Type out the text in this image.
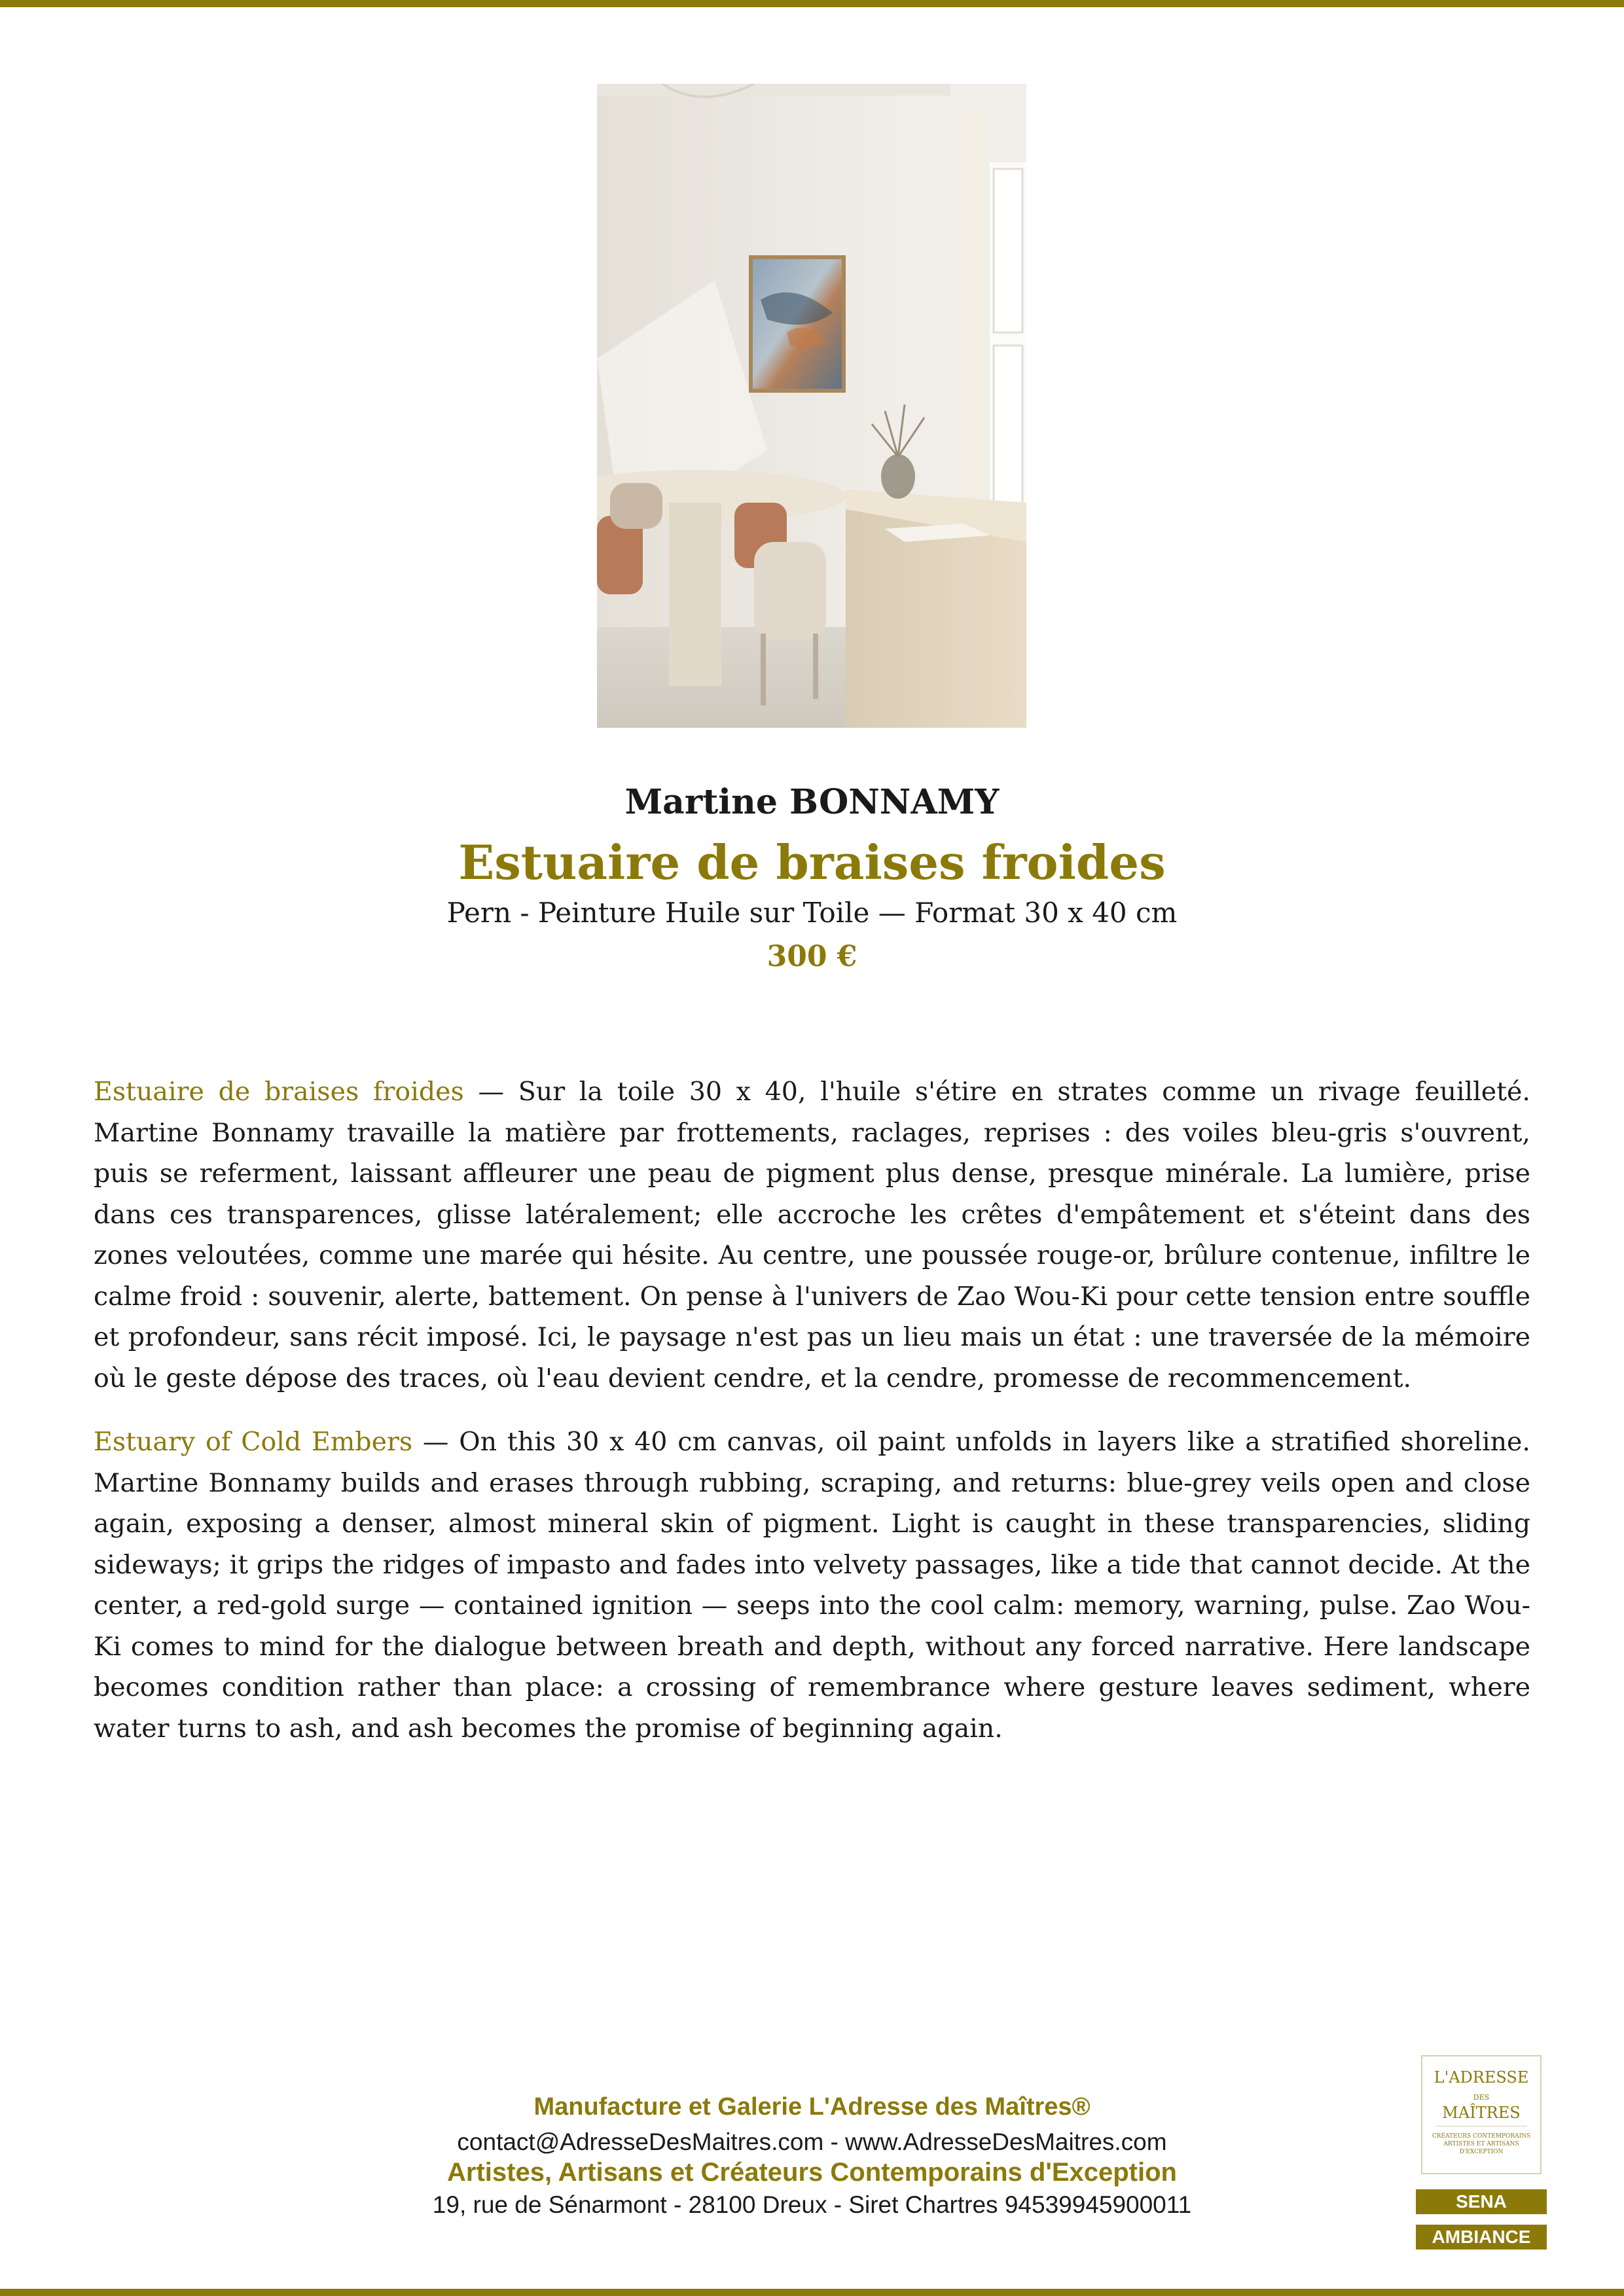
Martine BONNAMY
Estuaire de braises froides
Pern - Peinture Huile sur Toile — Format 30 x 40 cm
300 €

Estuaire de braises froides — Sur la toile 30 x 40, l'huile s'étire en strates comme un rivage feuilleté. Martine Bonnamy travaille la matière par frottements, raclages, reprises : des voiles bleu-gris s'ouvrent, puis se referment, laissant affleurer une peau de pigment plus dense, presque minérale. La lumière, prise dans ces transparences, glisse latéralement; elle accroche les crêtes d'empâtement et s'éteint dans des zones veloutées, comme une marée qui hésite. Au centre, une poussée rouge-or, brûlure contenue, infiltre le calme froid : souvenir, alerte, battement. On pense à l'univers de Zao Wou-Ki pour cette tension entre souffle et profondeur, sans récit imposé. Ici, le paysage n'est pas un lieu mais un état : une traversée de la mémoire où le geste dépose des traces, où l'eau devient cendre, et la cendre, promesse de recommencement.

Estuary of Cold Embers — On this 30 x 40 cm canvas, oil paint unfolds in layers like a stratified shoreline. Martine Bonnamy builds and erases through rubbing, scraping, and returns: blue-grey veils open and close again, exposing a denser, almost mineral skin of pigment. Light is caught in these transparencies, sliding sideways; it grips the ridges of impasto and fades into velvety passages, like a tide that cannot decide. At the center, a red-gold surge — contained ignition — seeps into the cool calm: memory, warning, pulse. Zao Wou-Ki comes to mind for the dialogue between breath and depth, without any forced narrative. Here landscape becomes condition rather than place: a crossing of remembrance where gesture leaves sediment, where water turns to ash, and ash becomes the promise of beginning again.

Manufacture et Galerie L'Adresse des Maîtres®
contact@AdresseDesMaitres.com - www.AdresseDesMaitres.com
Artistes, Artisans et Créateurs Contemporains d'Exception
19, rue de Sénarmont - 28100 Dreux - Siret Chartres 94539945900011
L'ADRESSE
DES
MAÎTRES
CRÉATEURS CONTEMPORAINS ARTISTES ET ARTISANS D'EXCEPTION
SENA
AMBIANCE
